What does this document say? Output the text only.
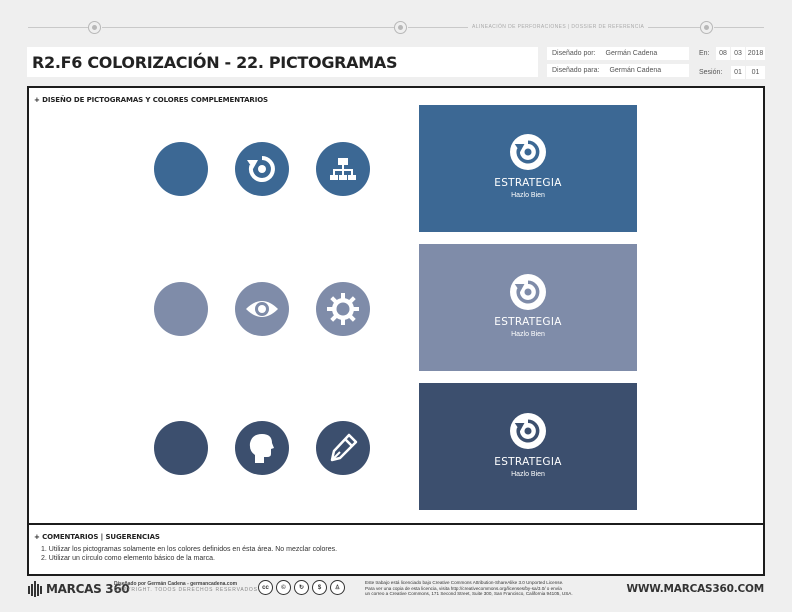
ALINEACIÓN DE PERFORACIONES | DOSSIER DE REFERENCIA
R2.F6 COLORIZACIÓN - 22. PICTOGRAMAS	Diseñado por: Germán Cadena
Diseñado para: Germán Cadena
En:	08	03 2018
Sesión:	01	01
+ DISEÑO DE PICTOGRAMAS Y COLORES COMPLEMENTARIOS
ESTRATEGIA
Hazlo Bien
ESTRATEGIA
Hazlo Bien
ESTRATEGIA
Hazlo Bien
+ COMENTARIOS | SUGERENCIAS
1. Utilizar los pictogramas solamente en los colores definidos en ésta área. No mezclar colores.
2. Utilizar un círculo como elemento básico de la marca.
MARCAS 360
Diseñado por Germán Cadena - germancadena.com
COPYRIGHT. TODOS DERECHOS RESERVADOS cc	©	↻	$	♙
Este trabajo está licenciado bajo Creative Commons Attribution-ShareAlike 3.0 Unported License.
Para ver una copia de esta licencia, visita http://creativecommons.org/licenses/by-sa/3.0/ o envía
un correo a Creative Commons, 171 Second Street, Suite 300, San Francisco, California 94105, USA.	WWW.MARCAS360.COM
